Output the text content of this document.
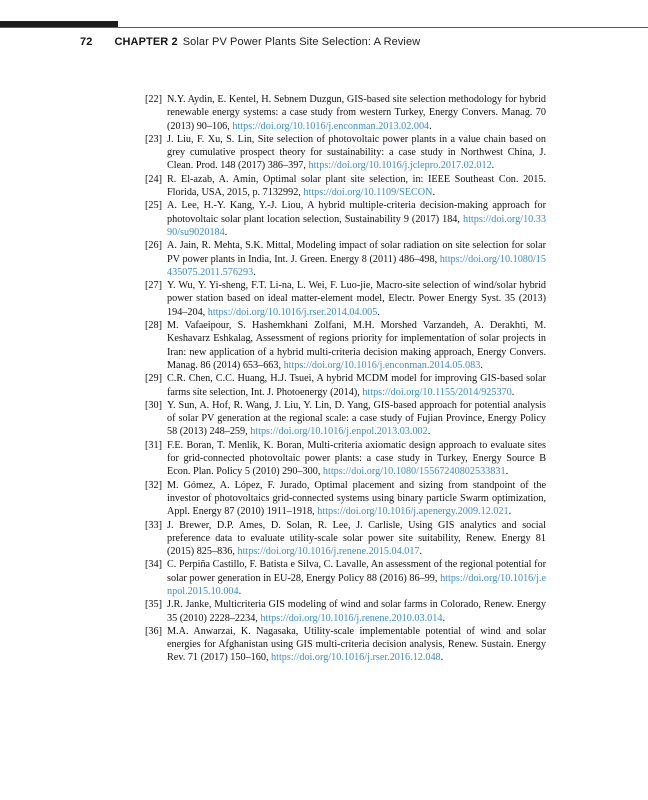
72 CHAPTER 2 Solar PV Power Plants Site Selection: A Review
[22] N.Y. Aydin, E. Kentel, H. Sebnem Duzgun, GIS-based site selection methodology for hybrid renewable energy systems: a case study from western Turkey, Energy Convers. Manag. 70 (2013) 90–106, https://doi.org/10.1016/j.enconman.2013.02.004.

[23] J. Liu, F. Xu, S. Lin, Site selection of photovoltaic power plants in a value chain based on grey cumulative prospect theory for sustainability: a case study in Northwest China, J. Clean. Prod. 148 (2017) 386–397, https://doi.org/10.1016/j.jclepro.2017.02.012.

[24] R. El-azab, A. Amin, Optimal solar plant site selection, in: IEEE Southeast Con. 2015. Florida, USA, 2015, p. 7132992, https://doi.org/10.1109/SECON.

[25] A. Lee, H.-Y. Kang, Y.-J. Liou, A hybrid multiple-criteria decision-making approach for photovoltaic solar plant location selection, Sustainability 9 (2017) 184, https://doi.org/10.3390/su9020184.

[26] A. Jain, R. Mehta, S.K. Mittal, Modeling impact of solar radiation on site selection for solar PV power plants in India, Int. J. Green. Energy 8 (2011) 486–498, https://doi.org/10.1080/15435075.2011.576293.

[27] Y. Wu, Y. Yi-sheng, F.T. Li-na, L. Wei, F. Luo-jie, Macro-site selection of wind/solar hybrid power station based on ideal matter-element model, Electr. Power Energy Syst. 35 (2013) 194–204, https://doi.org/10.1016/j.rser.2014.04.005.

[28] M. Vafaeipour, S. Hashemkhani Zolfani, M.H. Morshed Varzandeh, A. Derakhti, M. Keshavarz Eshkalag, Assessment of regions priority for implementation of solar projects in Iran: new application of a hybrid multi-criteria decision making approach, Energy Convers. Manag. 86 (2014) 653–663, https://doi.org/10.1016/j.enconman.2014.05.083.

[29] C.R. Chen, C.C. Huang, H.J. Tsuei, A hybrid MCDM model for improving GIS-based solar farms site selection, Int. J. Photoenergy (2014), https://doi.org/10.1155/2014/925370.

[30] Y. Sun, A. Hof, R. Wang, J. Liu, Y. Lin, D. Yang, GIS-based approach for potential analysis of solar PV generation at the regional scale: a case study of Fujian Province, Energy Policy 58 (2013) 248–259, https://doi.org/10.1016/j.enpol.2013.03.002.

[31] F.E. Boran, T. Menlik, K. Boran, Multi-criteria axiomatic design approach to evaluate sites for grid-connected photovoltaic power plants: a case study in Turkey, Energy Source B Econ. Plan. Policy 5 (2010) 290–300, https://doi.org/10.1080/15567240802533831.

[32] M. Gómez, A. López, F. Jurado, Optimal placement and sizing from standpoint of the investor of photovoltaics grid-connected systems using binary particle Swarm optimization, Appl. Energy 87 (2010) 1911–1918, https://doi.org/10.1016/j.apenergy.2009.12.021.

[33] J. Brewer, D.P. Ames, D. Solan, R. Lee, J. Carlisle, Using GIS analytics and social preference data to evaluate utility-scale solar power site suitability, Renew. Energy 81 (2015) 825–836, https://doi.org/10.1016/j.renene.2015.04.017.

[34] C. Perpiña Castillo, F. Batista e Silva, C. Lavalle, An assessment of the regional potential for solar power generation in EU-28, Energy Policy 88 (2016) 86–99, https://doi.org/10.1016/j.enpol.2015.10.004.

[35] J.R. Janke, Multicriteria GIS modeling of wind and solar farms in Colorado, Renew. Energy 35 (2010) 2228–2234, https://doi.org/10.1016/j.renene.2010.03.014.

[36] M.A. Anwarzai, K. Nagasaka, Utility-scale implementable potential of wind and solar energies for Afghanistan using GIS multi-criteria decision analysis, Renew. Sustain. Energy Rev. 71 (2017) 150–160, https://doi.org/10.1016/j.rser.2016.12.048.
